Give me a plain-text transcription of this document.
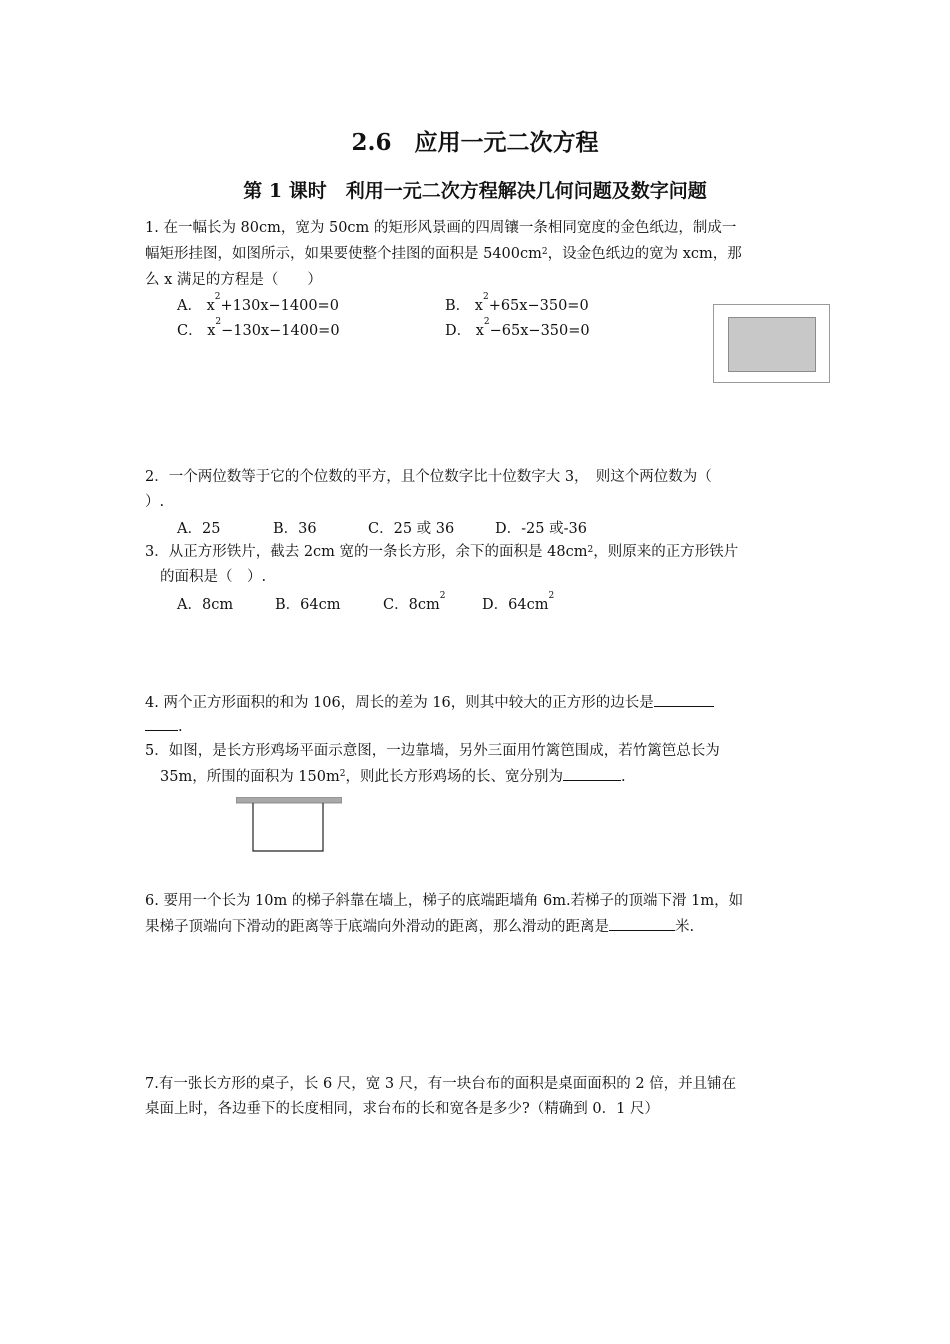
2.6　应用一元二次方程
第 1 课时　利用一元二次方程解决几何问题及数字问题
1. 在一幅长为 80cm，宽为 50cm 的矩形风景画的四周镶一条相同宽度的金色纸边，制成一
幅矩形挂图，如图所示，如果要使整个挂图的面积是 $5400cm^2$，设金色纸边的宽为 xcm，那
么 x 满足的方程是（　　）
A． $x^2+130x-1400=0$	B． $x^2+65x-350=0$
C． $x^2-130x-1400=0$	D． $x^2-65x-350=0$
2．一个两位数等于它的个位数的平方，且个位数字比十位数字大 3，　则这个两位数为（
）.
A．25	B．36	C．25 或 36	D．-25 或-36
3．从正方形铁片，截去 2cm 宽的一条长方形，余下的面积是 $48cm^2$，则原来的正方形铁片
的面积是（　）.
A．8cm	B．64cm	C．$8cm^2$
D．$64cm^2$
4. 两个正方形面积的和为 106，周长的差为 16，则其中较大的正方形的边长是
.
5．如图，是长方形鸡场平面示意图，一边靠墙，另外三面用竹篱笆围成，若竹篱笆总长为
35m，所围的面积为 $150m^2$，则此长方形鸡场的长、宽分别为	.
6. 要用一个长为 10m 的梯子斜靠在墙上，梯子的底端距墙角 6m.若梯子的顶端下滑 1m，如
果梯子顶端向下滑动的距离等于底端向外滑动的距离，那么滑动的距离是	米.
7.有一张长方形的桌子，长 6 尺，宽 3 尺，有一块台布的面积是桌面面积的 2 倍，并且铺在
桌面上时，各边垂下的长度相同，求台布的长和宽各是多少?（精确到 0．1 尺）
